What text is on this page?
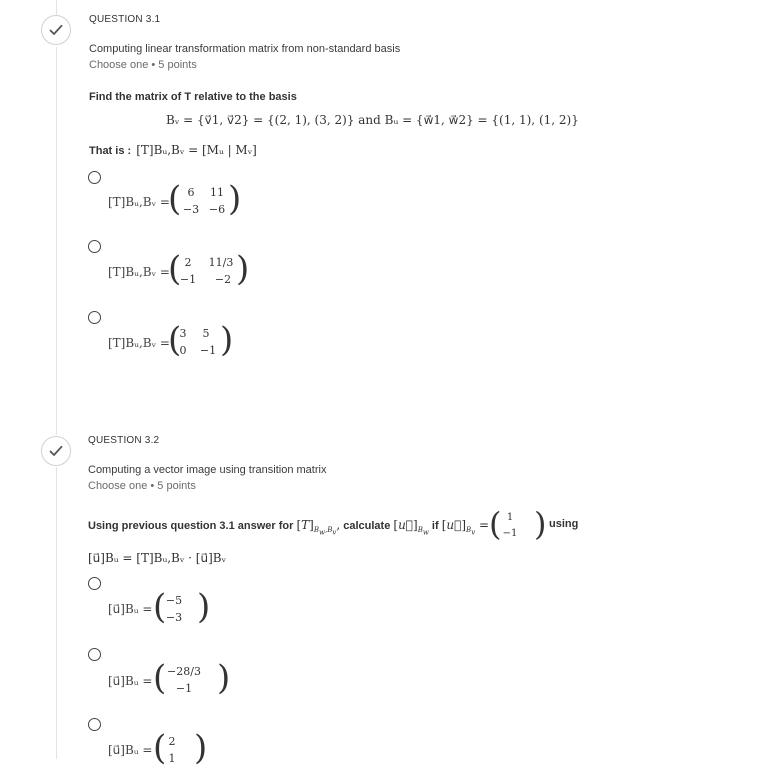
QUESTION 3.1
Computing linear transformation matrix from non-standard basis
Choose one • 5 points
Find the matrix of T relative to the basis
Bᵥ = {v⃗1, v⃗2} = {(2, 1), (3, 2)} and Bᵤ = {w⃗1, w⃗2} = {(1, 1), (1, 2)}
That is : [T]Bᵤ,Bᵥ = [Mᵤ | Mᵥ]
[T]Bᵤ,Bᵥ =
( 6	11
−3 −6 )
[T]Bᵤ,Bᵥ =
( 2	11/3
−1	−2 )
[T]Bᵤ,Bᵥ =
(
3	5
0	−1 )
QUESTION 3.2
Computing a vector image using transition matrix
Choose one • 5 points
Using previous question 3.1 answer for $[T]_{B_w,B_v}$, calculate $[u⃗]_{B_w}$ if $[u⃗]_{B_v}$ = ( 1
−1 ) using
[u⃗]Bᵤ = [T]Bᵤ,Bᵥ · [u⃗]Bᵥ
[u⃗]Bᵤ = ( −5
−3 )
[u⃗]Bᵤ = ( −28/3
−1 )
[u⃗]Bᵤ = ( 2
1 )
